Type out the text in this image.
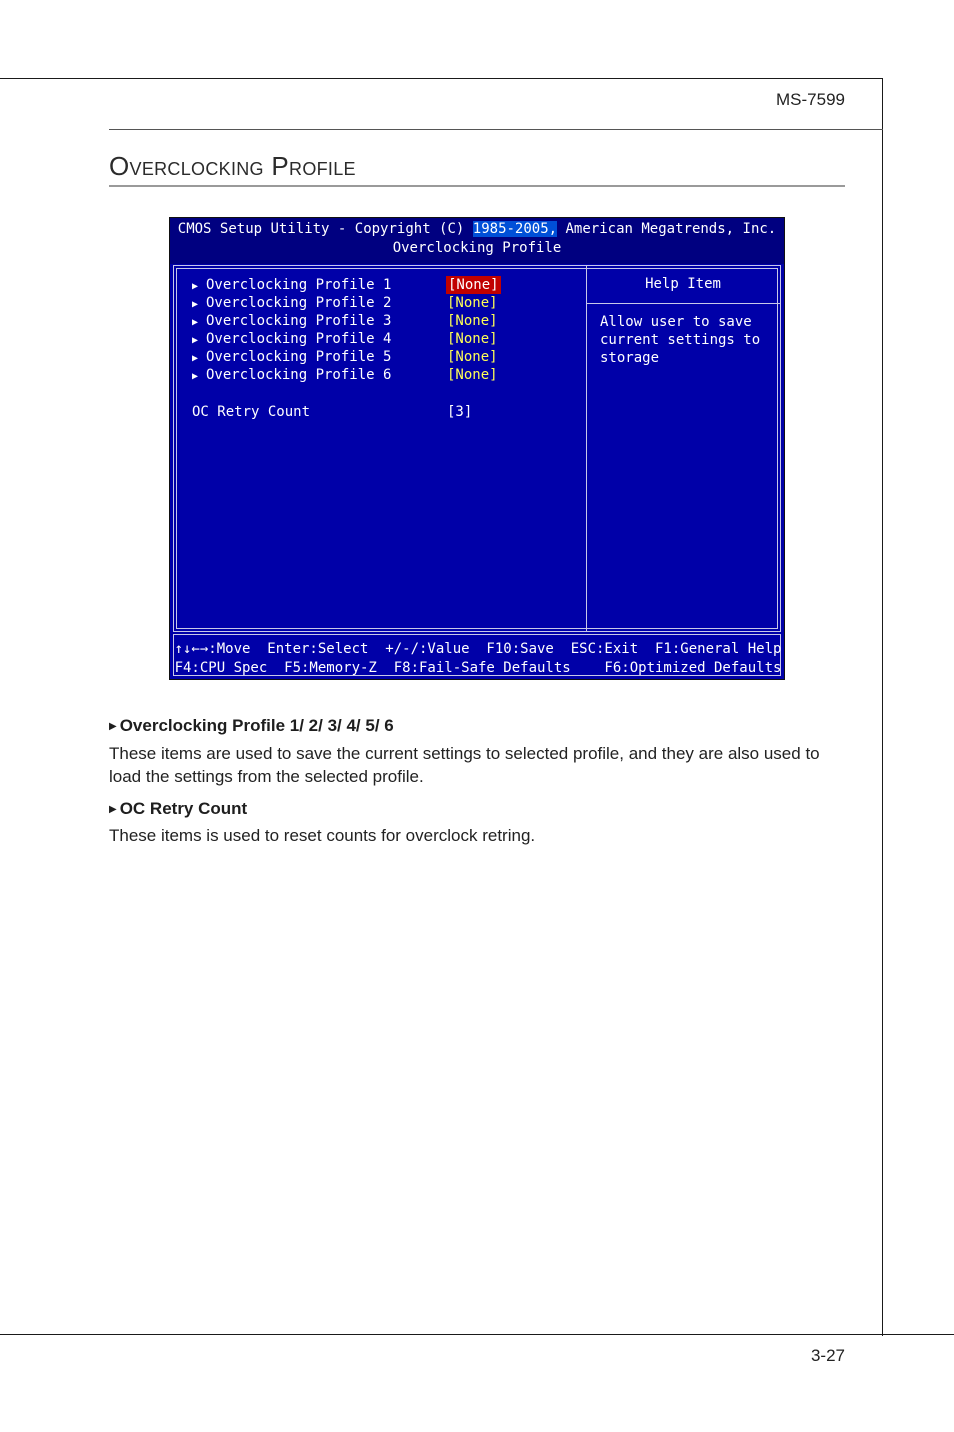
MS-7599
Overclocking Profile
CMOS Setup Utility - Copyright (C) 1985-2005, American Megatrends, Inc.
Overclocking Profile
▶ Overclocking Profile 1	[None]
▶ Overclocking Profile 2	[None]
▶ Overclocking Profile 3	[None]
▶ Overclocking Profile 4	[None]
▶ Overclocking Profile 5	[None]
▶ Overclocking Profile 6	[None]
OC Retry Count	[3]
Help Item
Allow user to save
current settings to
storage
↑↓←→:Move  Enter:Select  +/-/:Value  F10:Save  ESC:Exit  F1:General Help
F4:CPU Spec  F5:Memory-Z  F8:Fail-Safe Defaults    F6:Optimized Defaults
▶ Overclocking Profile 1/ 2/ 3/ 4/ 5/ 6

These items are used to save the current settings to selected profile, and they are also used to load the settings from the selected profile.

▶ OC Retry Count

These items is used to reset counts for overclock retring.

3-27
